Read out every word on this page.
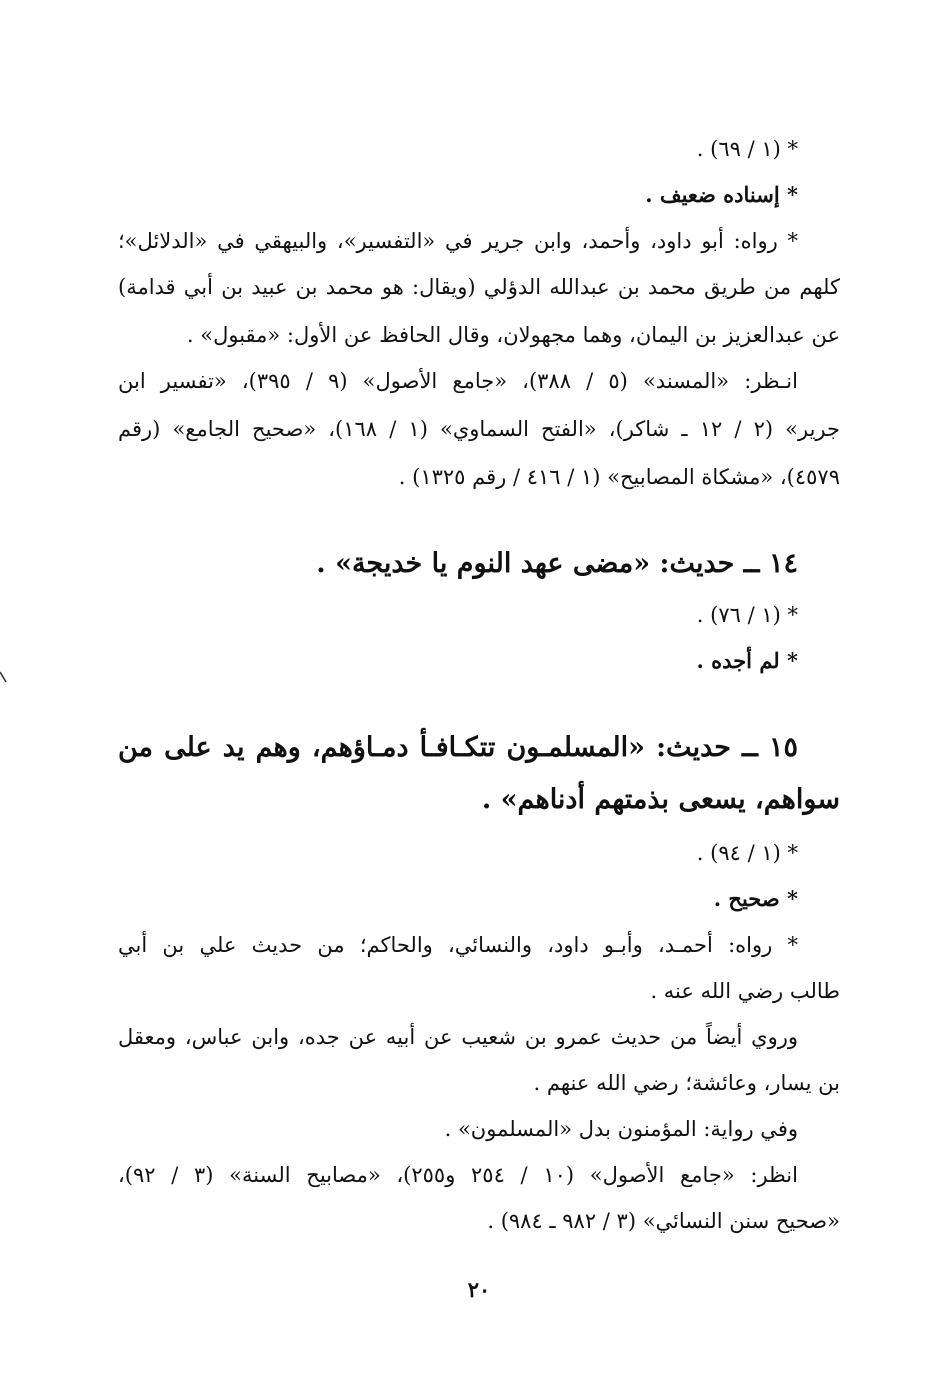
* (١ / ٦٩) .
* إسناده ضعيف .
* رواه: أبو داود، وأحمد، وابن جرير في «التفسير»، والبيهقي في «الدلائل»؛
كلهم من طريق محمد بن عبدالله الدؤلي (ويقال: هو محمد بن عبيد بن أبي قدامة)
عن عبدالعزيز بن اليمان، وهما مجهولان، وقال الحافظ عن الأول: «مقبول» .
انـظر: «المسند» (٥ / ٣٨٨)، «جامع الأصول» (٩ / ٣٩٥)، «تفسير ابن
جرير» (٢ / ١٢ ـ شاكر)، «الفتح السماوي» (١ / ١٦٨)، «صحيح الجامع» (رقم
٤٥٧٩)، «مشكاة المصابيح» (١ / ٤١٦ / رقم ١٣٢٥) .
١٤ ــ حديث: «مضى عهد النوم يا خديجة» .
* (١ / ٧٦) .
* لم أجده .
١٥ ــ حديث: «المسلمـون تتكـافـأ دمـاؤهم، وهم يد على من
سواهم، يسعى بذمتهم أدناهم» .
* (١ / ٩٤) .
* صحيح .
* رواه: أحمـد، وأبـو داود، والنسائي، والحاكم؛ من حديث علي بن أبي
طالب رضي الله عنه .
وروي أيضاً من حديث عمرو بن شعيب عن أبيه عن جده، وابن عباس، ومعقل
بن يسار، وعائشة؛ رضي الله عنهم .
وفي رواية: المؤمنون بدل «المسلمون» .
انظر: «جامع الأصول» (١٠ / ٢٥٤ و٢٥٥)، «مصابيح السنة» (٣ / ٩٢)،
«صحيح سنن النسائي» (٣ / ٩٨٢ ـ ٩٨٤) .
٢٠
